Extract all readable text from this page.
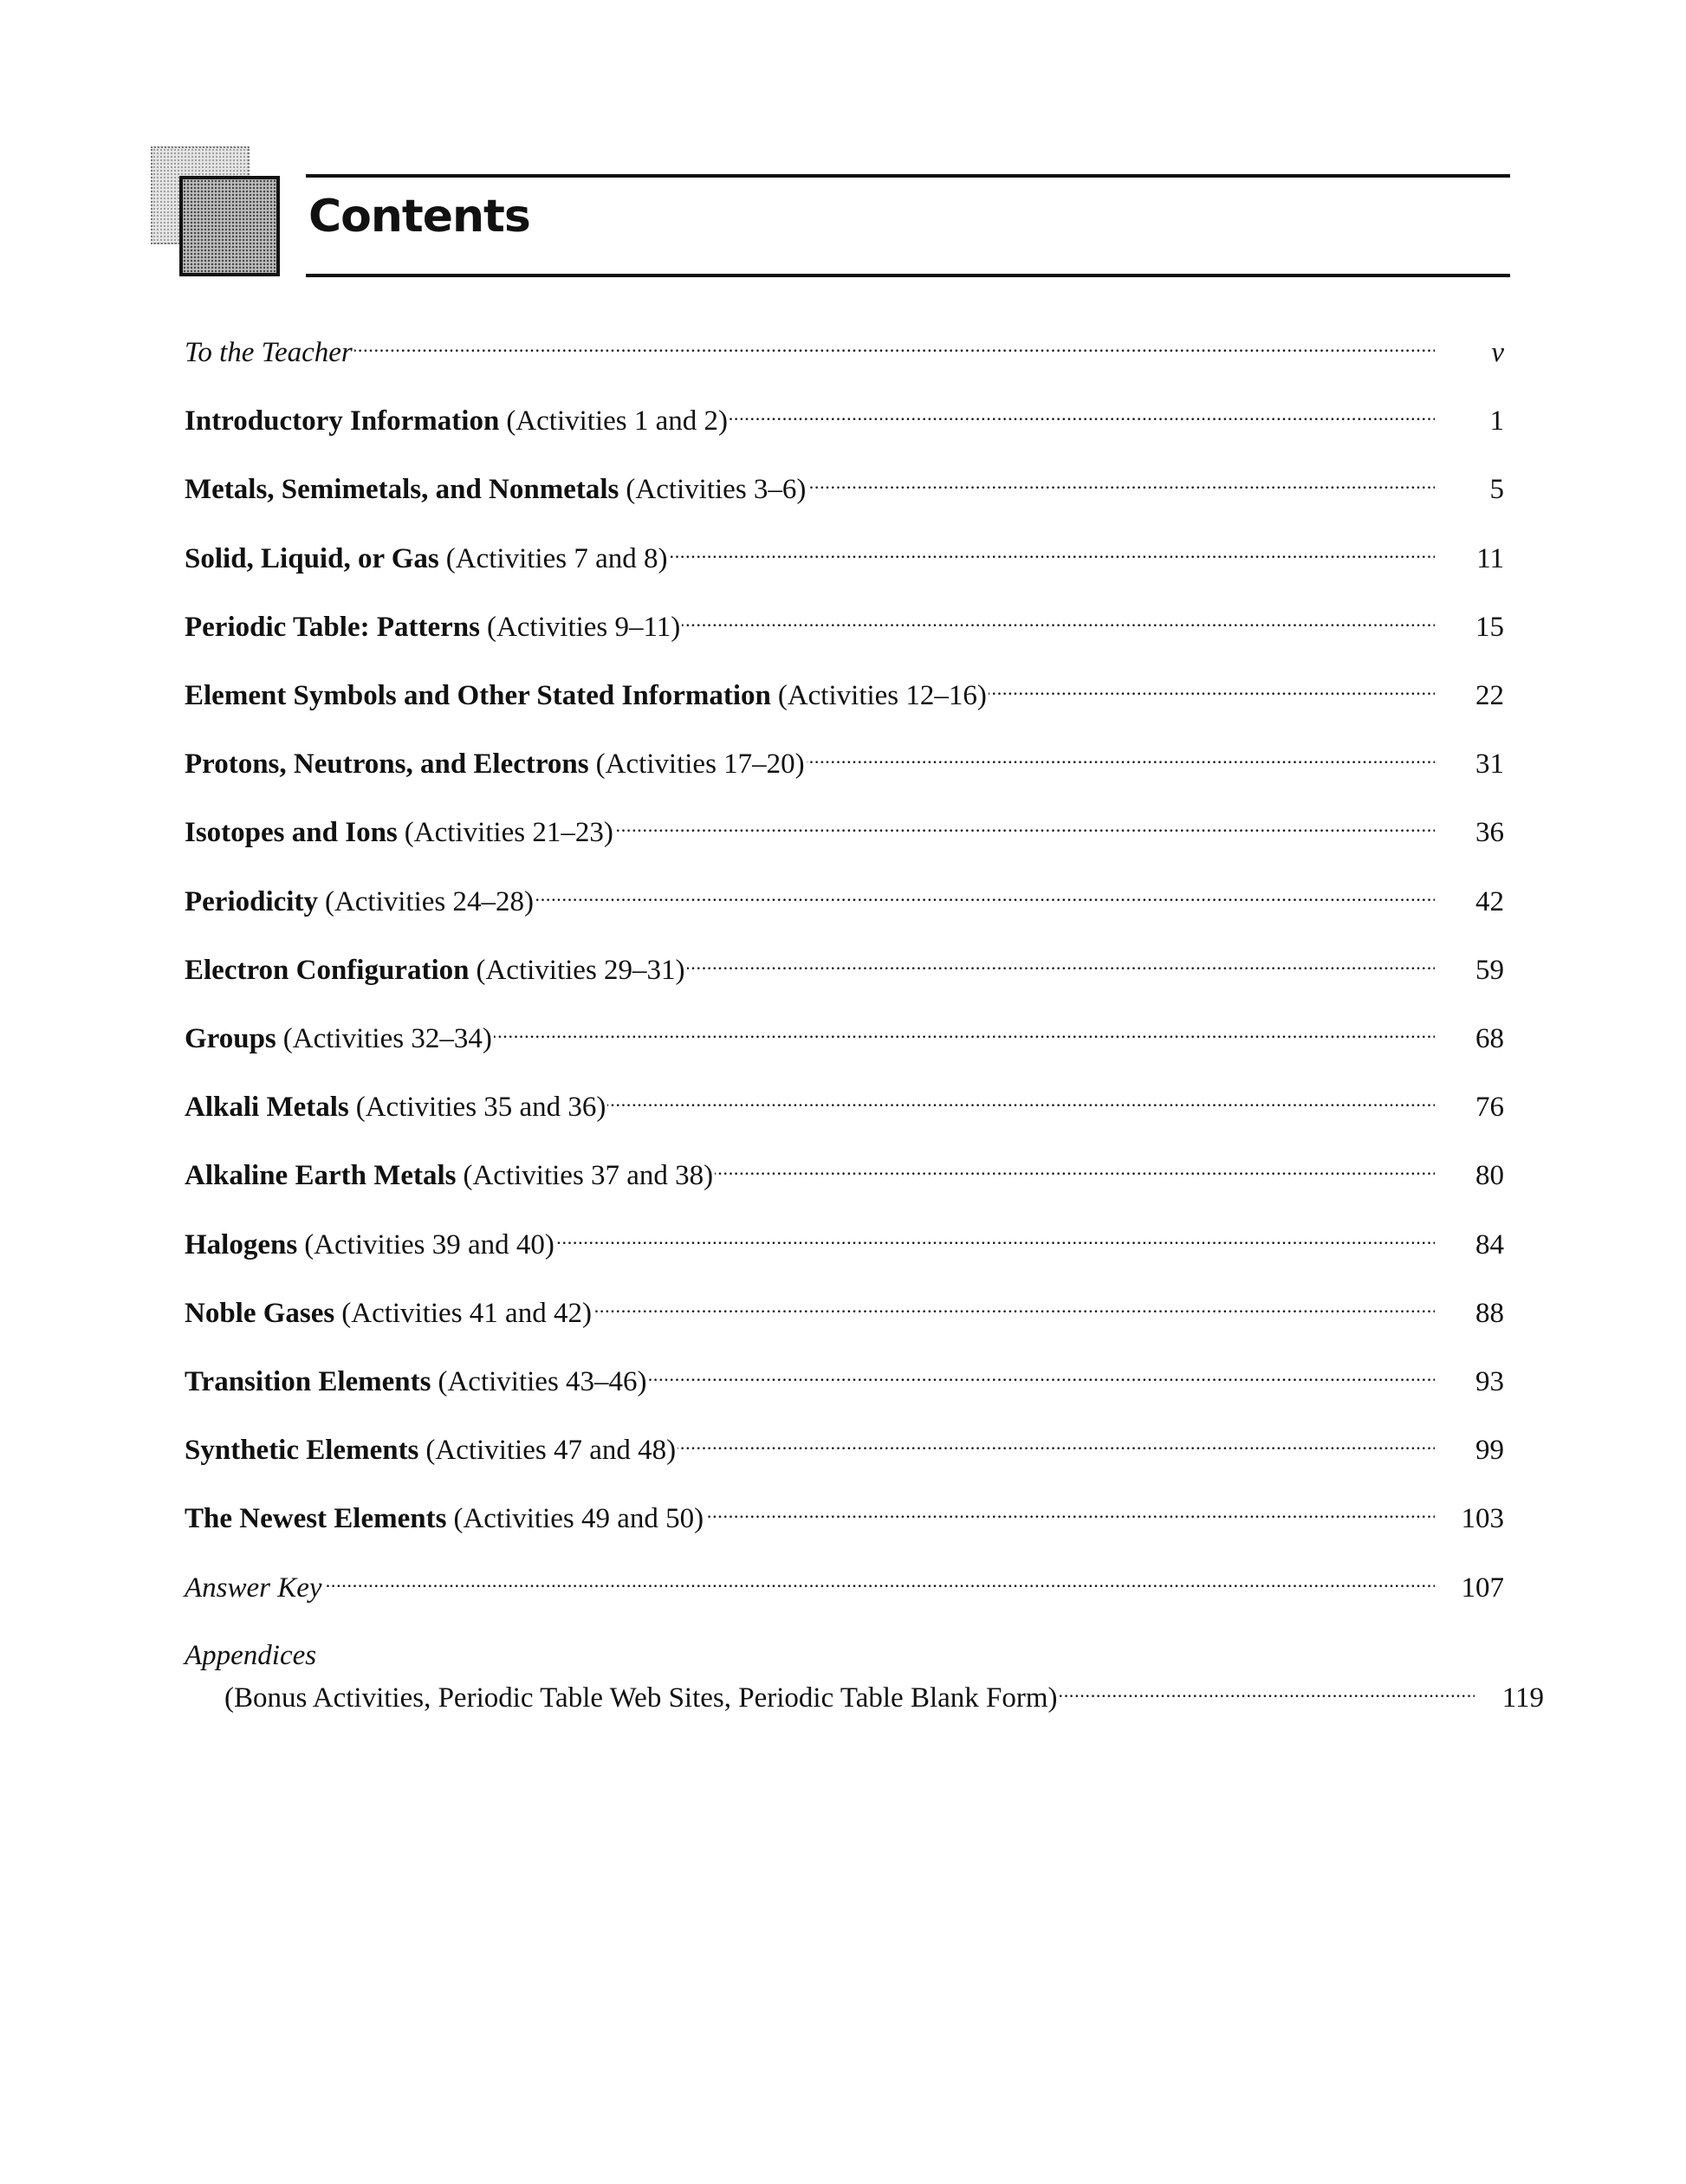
Contents
To the Teacher . . .	v
Introductory Information (Activities 1 and 2) . . .	1
Metals, Semimetals, and Nonmetals (Activities 3–6) . . .	5
Solid, Liquid, or Gas (Activities 7 and 8) . . .	11
Periodic Table: Patterns (Activities 9–11) . . .	15
Element Symbols and Other Stated Information (Activities 12–16) . . .	22
Protons, Neutrons, and Electrons (Activities 17–20) . . .	31
Isotopes and Ions (Activities 21–23) . . .	36
Periodicity (Activities 24–28) . . .	42
Electron Configuration (Activities 29–31) . . .	59
Groups (Activities 32–34) . . .	68
Alkali Metals (Activities 35 and 36) . . .	76
Alkaline Earth Metals (Activities 37 and 38) . . .	80
Halogens (Activities 39 and 40) . . .	84
Noble Gases (Activities 41 and 42) . . .	88
Transition Elements (Activities 43–46) . . .	93
Synthetic Elements (Activities 47 and 48) . . .	99
The Newest Elements (Activities 49 and 50) . . .	103
Answer Key . . .	107
Appendices
(Bonus Activities, Periodic Table Web Sites, Periodic Table Blank Form) . . .	119
